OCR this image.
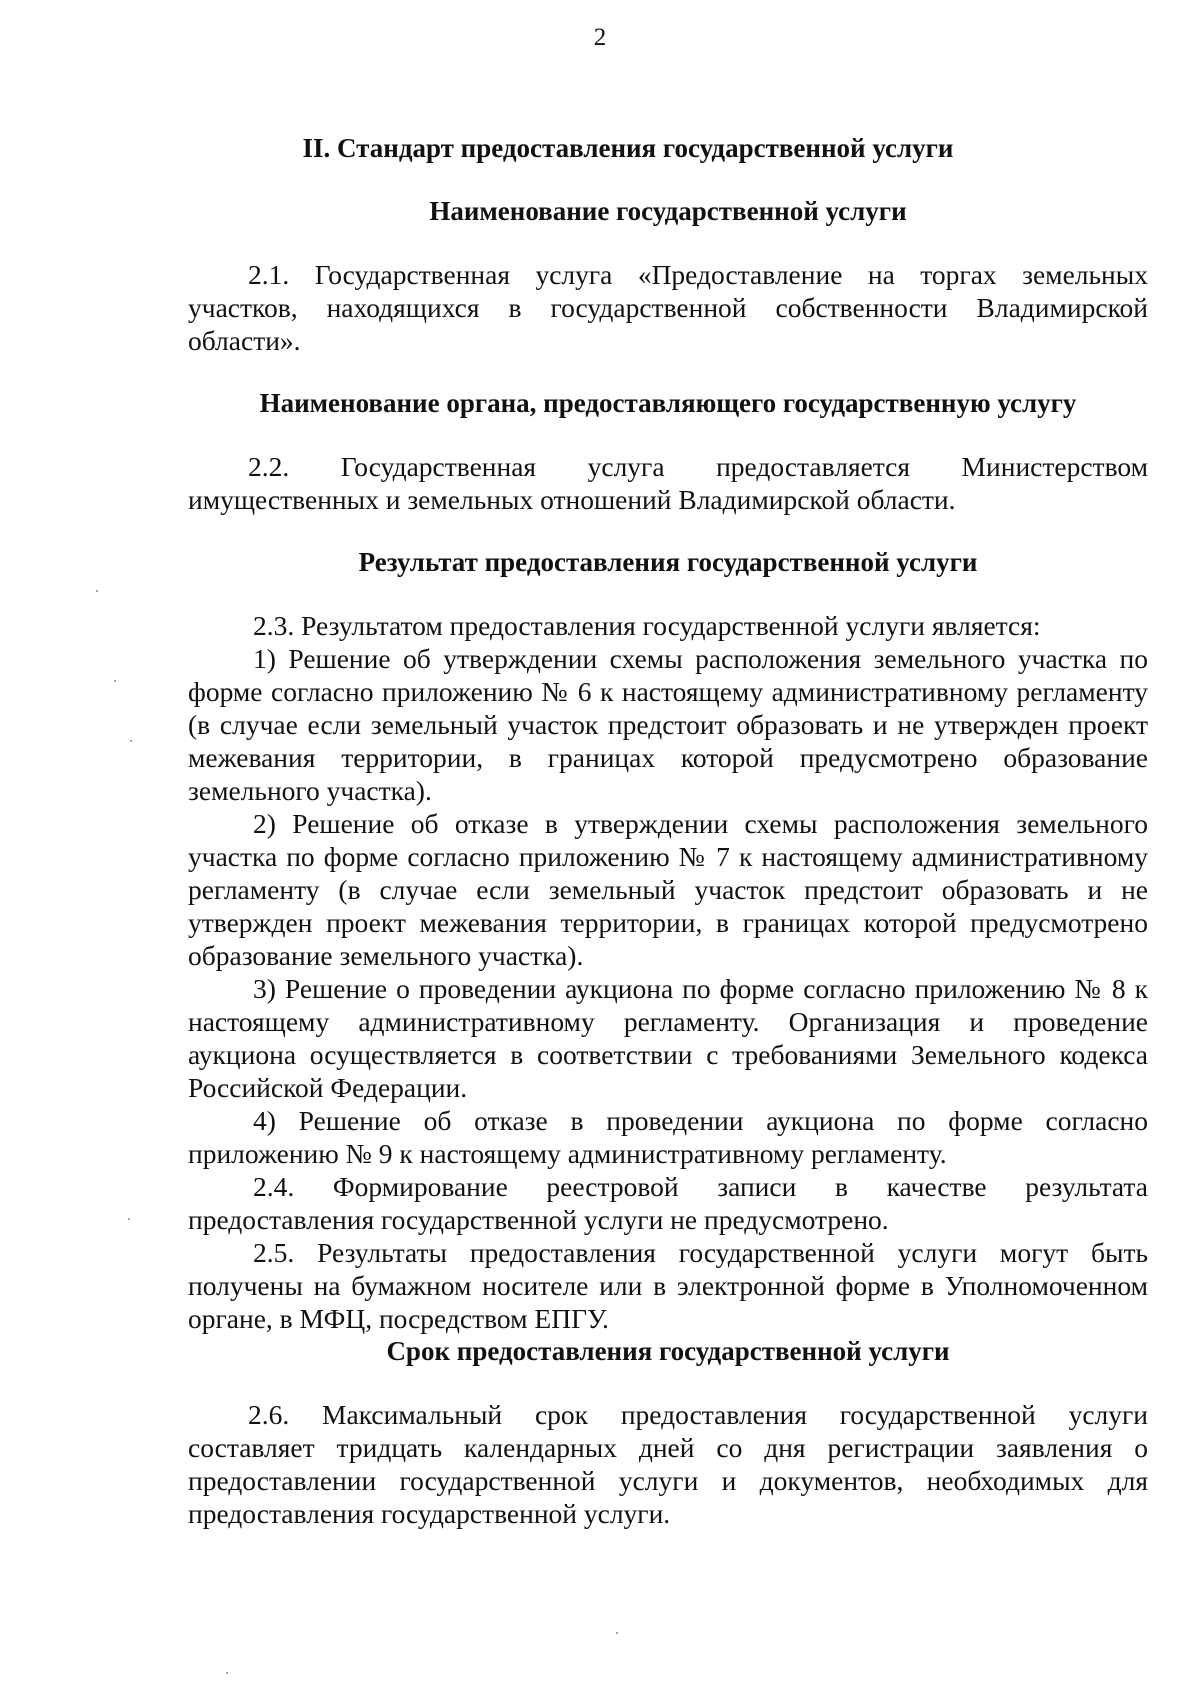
2
II. Стандарт предоставления государственной услуги
Наименование государственной услуги

2.1. Государственная услуга «Предоставление на торгах земельных участков, находящихся в государственной собственности Владимирской области».

Наименование органа, предоставляющего государственную услугу

2.2. Государственная услуга предоставляется Министерством имущественных и земельных отношений Владимирской области.

Результат предоставления государственной услуги

2.3. Результатом предоставления государственной услуги является:

1) Решение об утверждении схемы расположения земельного участка по форме согласно приложению № 6 к настоящему административному регламенту (в случае если земельный участок предстоит образовать и не утвержден проект межевания территории, в границах которой предусмотрено образование земельного участка).

2) Решение об отказе в утверждении схемы расположения земельного участка по форме согласно приложению № 7 к настоящему административному регламенту (в случае если земельный участок предстоит образовать и не утвержден проект межевания территории, в границах которой предусмотрено образование земельного участка).

3) Решение о проведении аукциона по форме согласно приложению № 8 к настоящему административному регламенту. Организация и проведение аукциона осуществляется в соответствии с требованиями Земельного кодекса Российской Федерации.

4) Решение об отказе в проведении аукциона по форме согласно приложению № 9 к настоящему административному регламенту.

2.4. Формирование реестровой записи в качестве результата предоставления государственной услуги не предусмотрено.

2.5. Результаты предоставления государственной услуги могут быть получены на бумажном носителе или в электронной форме в Уполномоченном органе, в МФЦ, посредством ЕПГУ.

Срок предоставления государственной услуги

2.6. Максимальный срок предоставления государственной услуги составляет тридцать календарных дней со дня регистрации заявления о предоставлении государственной услуги и документов, необходимых для предоставления государственной услуги.
